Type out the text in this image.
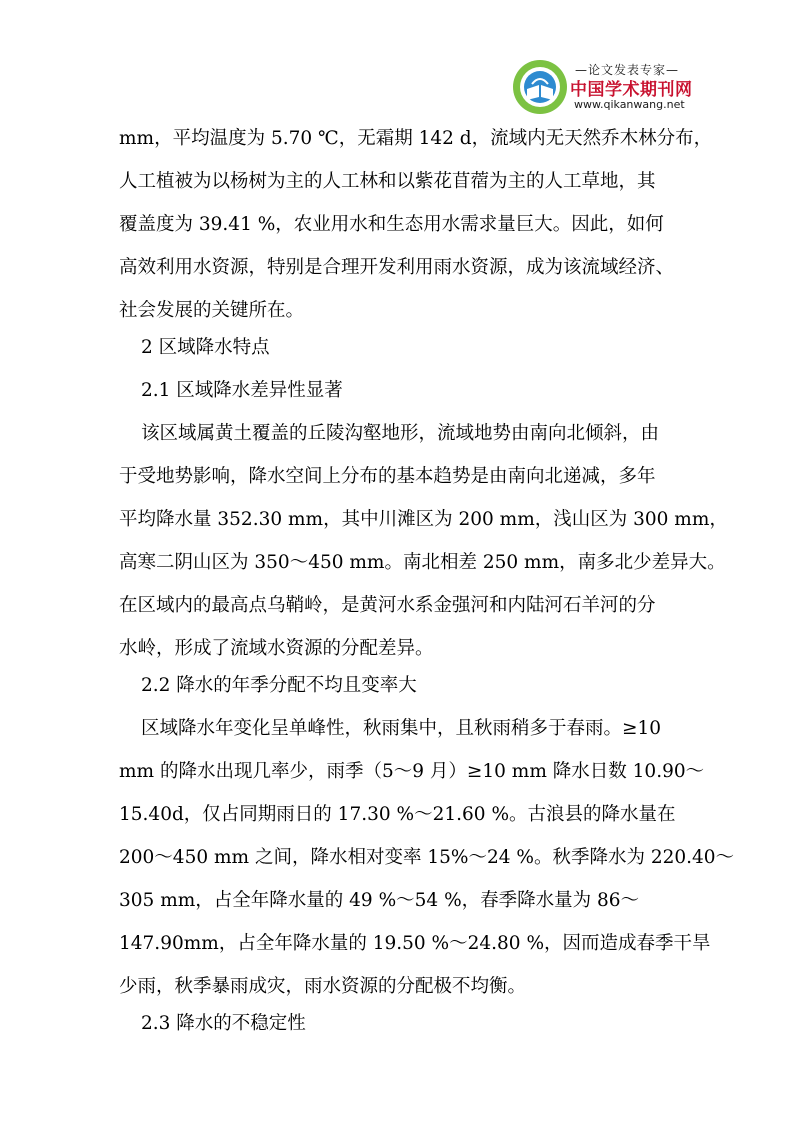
—论文发表专家—
中国学术期刊网
www.qikanwang.net
mm，平均温度为 5.70 ℃，无霜期 142 d，流域内无天然乔木林分布，
人工植被为以杨树为主的人工林和以紫花苜蓿为主的人工草地，其
覆盖度为 39.41 %，农业用水和生态用水需求量巨大。因此，如何
高效利用水资源，特别是合理开发利用雨水资源，成为该流域经济、
社会发展的关键所在。
2 区域降水特点
2.1 区域降水差异性显著
该区域属黄土覆盖的丘陵沟壑地形，流域地势由南向北倾斜，由
于受地势影响，降水空间上分布的基本趋势是由南向北递减，多年
平均降水量 352.30 mm，其中川滩区为 200 mm，浅山区为 300 mm，
高寒二阴山区为 350～450 mm。南北相差 250 mm，南多北少差异大。
在区域内的最高点乌鞘岭，是黄河水系金强河和内陆河石羊河的分
水岭，形成了流域水资源的分配差异。
2.2 降水的年季分配不均且变率大
区域降水年变化呈单峰性，秋雨集中，且秋雨稍多于春雨。≥10
mm 的降水出现几率少，雨季（5～9 月）≥10 mm 降水日数 10.90～
15.40d，仅占同期雨日的 17.30 %～21.60 %。古浪县的降水量在
200～450 mm 之间，降水相对变率 15%～24 %。秋季降水为 220.40～
305 mm，占全年降水量的 49 %～54 %，春季降水量为 86～
147.90mm，占全年降水量的 19.50 %～24.80 %，因而造成春季干旱
少雨，秋季暴雨成灾，雨水资源的分配极不均衡。
2.3 降水的不稳定性
